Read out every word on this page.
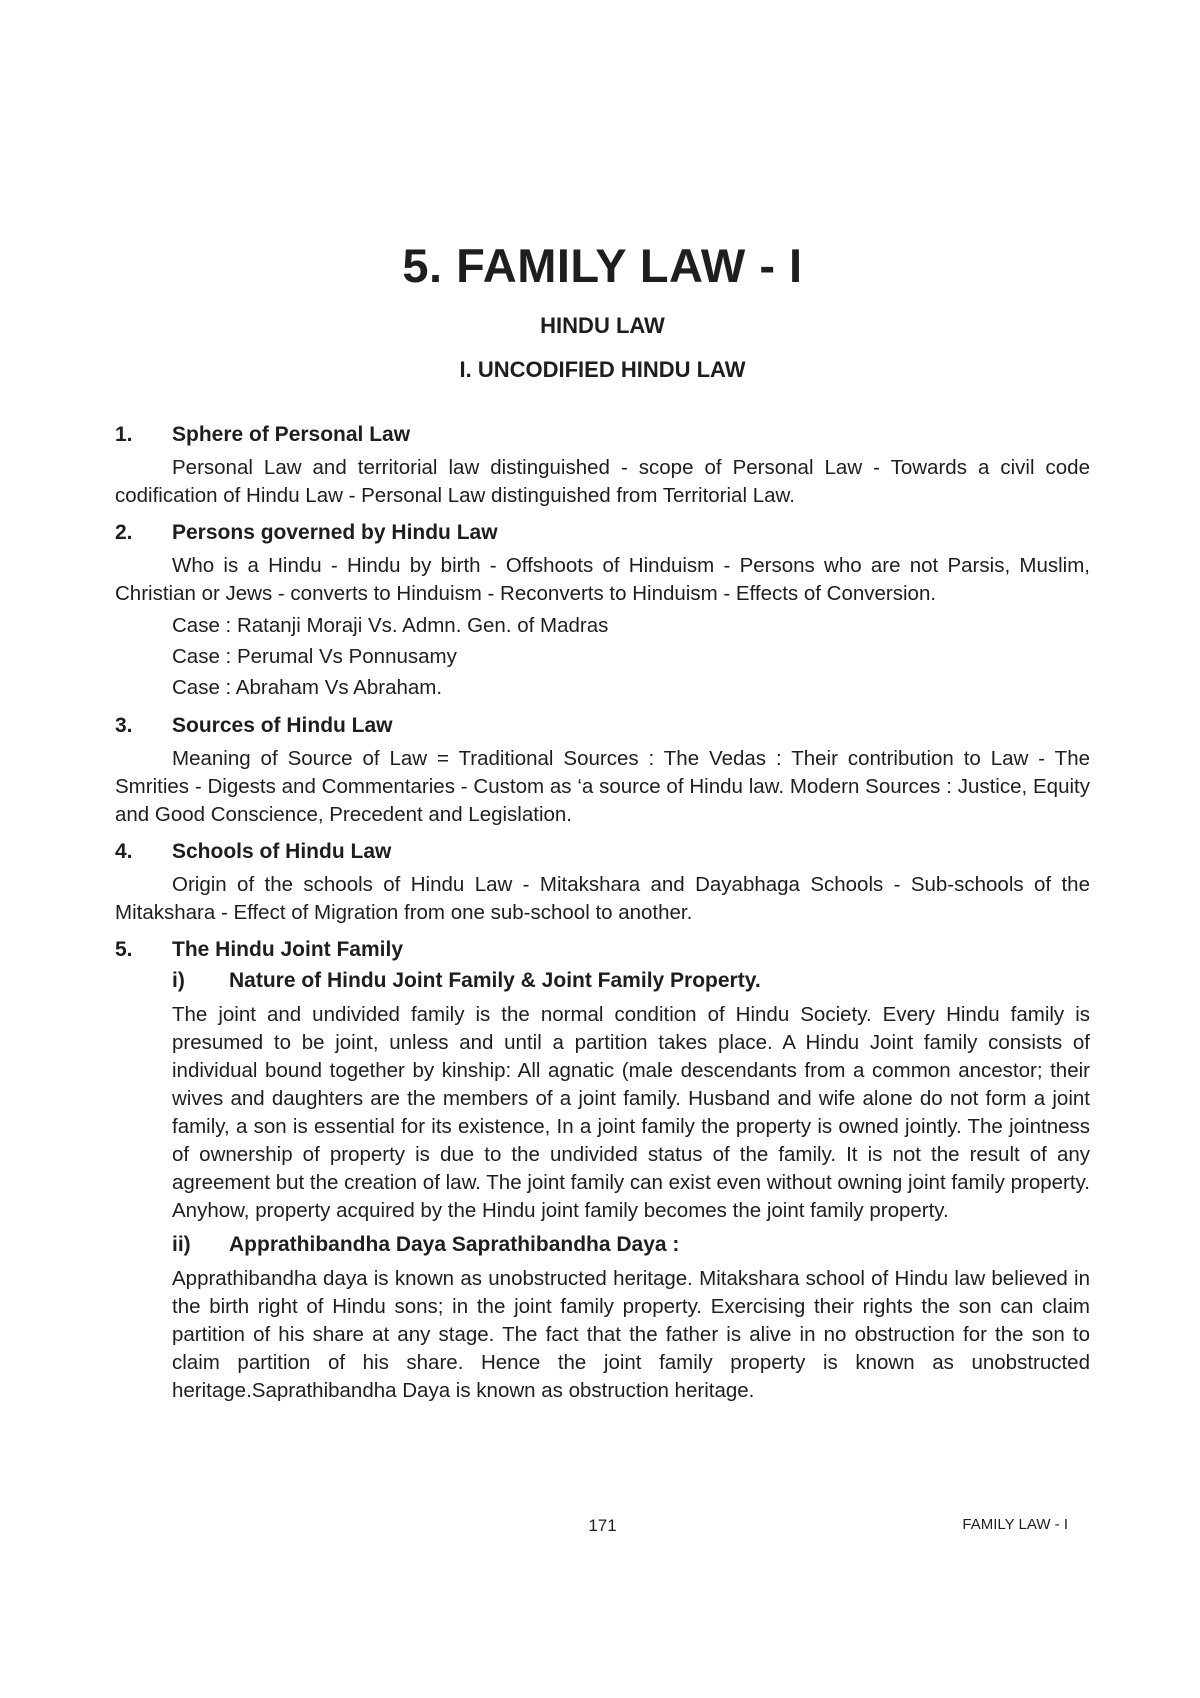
5. FAMILY LAW - I
HINDU LAW
I. UNCODIFIED HINDU LAW
1.	Sphere of Personal Law

Personal Law and territorial law distinguished - scope of Personal Law - Towards a civil code codification of Hindu Law - Personal Law distinguished from Territorial Law.

2.	Persons governed by Hindu Law

Who is a Hindu - Hindu by birth - Offshoots of Hinduism - Persons who are not Parsis, Muslim, Christian or Jews - converts to Hinduism - Reconverts to Hinduism - Effects of Conversion.

Case : Ratanji Moraji Vs. Admn. Gen. of Madras

Case : Perumal Vs Ponnusamy

Case : Abraham Vs Abraham.

3.	Sources of Hindu Law

Meaning of Source of Law = Traditional Sources : The Vedas : Their contribution to Law - The Smrities - Digests and Commentaries - Custom as ‘a source of Hindu law. Modern Sources : Justice, Equity and Good Conscience, Precedent and Legislation.

4.	Schools of Hindu Law

Origin of the schools of Hindu Law - Mitakshara and Dayabhaga Schools - Sub-schools of the Mitakshara - Effect of Migration from one sub-school to another.

5.	The Hindu Joint Family
i)	Nature of Hindu Joint Family & Joint Family Property.

The joint and undivided family is the normal condition of Hindu Society. Every Hindu family is presumed to be joint, unless and until a partition takes place. A Hindu Joint family consists of individual bound together by kinship: All agnatic (male descendants from a common ancestor; their wives and daughters are the members of a joint family. Husband and wife alone do not form a joint family, a son is essential for its existence, In a joint family the property is owned jointly. The jointness of ownership of property is due to the undivided status of the family. It is not the result of any agreement but the creation of law. The joint family can exist even without owning joint family property. Anyhow, property acquired by the Hindu joint family becomes the joint family property.

ii)	Apprathibandha Daya Saprathibandha Daya :

Apprathibandha daya is known as unobstructed heritage. Mitakshara school of Hindu law believed in the birth right of Hindu sons; in the joint family property. Exercising their rights the son can claim partition of his share at any stage. The fact that the father is alive in no obstruction for the son to claim partition of his share. Hence the joint family property is known as unobstructed heritage.Saprathibandha Daya is known as obstruction heritage.

171	FAMILY LAW - I
